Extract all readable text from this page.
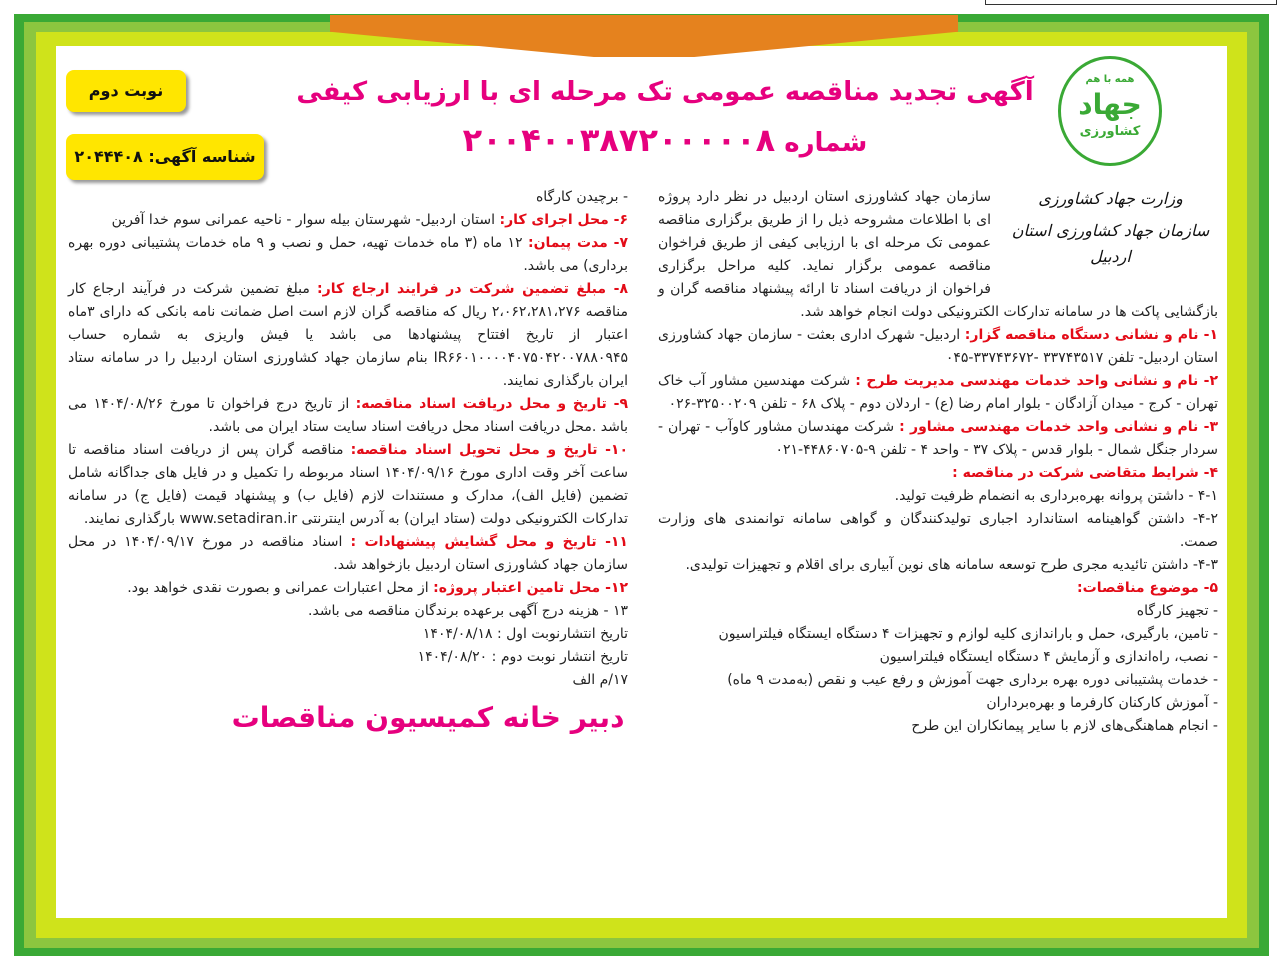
همه با هم
جهاد
کشاورزی
آگهی تجدید مناقصه عمومی تک مرحله ای با ارزیابی کیفی
شماره ۲۰۰۴۰۰۳۸۷۲۰۰۰۰۰۸
نوبت دوم
شناسه آگهی: ۲۰۴۴۴۰۸
وزارت جهاد کشاورزی
سازمان جهاد کشاورزی استان اردبیل

سازمان جهاد کشاورزی استان اردبیل در نظر دارد پروژه ای با اطلاعات مشروحه ذیل را از طریق برگزاری مناقصه عمومی تک مرحله ای با ارزیابی کیفی از طریق فراخوان مناقصه عمومی برگزار نماید. کلیه مراحل برگزاری فراخوان از دریافت اسناد تا ارائه پیشنهاد مناقصه گران و بازگشایی پاکت ها در سامانه تدارکات الکترونیکی دولت انجام خواهد شد.

۱- نام و نشانی دستگاه مناقصه گزار: اردبیل- شهرک اداری بعثت - سازمان جهاد کشاورزی استان اردبیل- تلفن ۳۳۷۴۳۵۱۷ -۳۳۷۴۳۶۷۲-۰۴۵

۲- نام و نشانی واحد خدمات مهندسی مدیریت طرح : شرکت مهندسین مشاور آب خاک تهران - کرج - میدان آزادگان - بلوار امام رضا (ع) - اردلان دوم - پلاک ۶۸ - تلفن ۳۲۵۰۰۲۰۹-۰۲۶

۳- نام و نشانی واحد خدمات مهندسی مشاور : شرکت مهندسان مشاور کاوآب - تهران - سردار جنگل شمال - بلوار قدس - پلاک ۳۷ - واحد ۴ - تلفن ۹-۴۴۸۶۰۷۰۵-۰۲۱

۴- شرایط متقاضی شرکت در مناقصه :

۴-۱ - داشتن پروانه بهره‌برداری به انضمام ظرفیت تولید.

۴-۲- داشتن گواهینامه استاندارد اجباری تولیدکنندگان و گواهی سامانه توانمندی های وزارت صمت.

۴-۳- داشتن تائیدیه مجری طرح توسعه سامانه های نوین آبیاری برای اقلام و تجهیزات تولیدی.

۵- موضوع مناقصات:

- تجهیز کارگاه

- تامین، بارگیری، حمل و باراندازی کلیه لوازم و تجهیزات ۴ دستگاه ایستگاه فیلتراسیون

- نصب، راه‌اندازی و آزمایش ۴ دستگاه ایستگاه فیلتراسیون

- خدمات پشتیبانی دوره بهره برداری جهت آموزش و رفع عیب و نقص (به‌مدت ۹ ماه)

- آموزش کارکنان کارفرما و بهره‌برداران

- انجام هماهنگی‌های لازم با سایر پیمانکاران این طرح

- برچیدن کارگاه

۶- محل اجرای کار: استان اردبیل- شهرستان بیله سوار - ناحیه عمرانی سوم خدا آفرین

۷- مدت پیمان: ۱۲ ماه (۳ ماه خدمات تهیه، حمل و نصب و ۹ ماه خدمات پشتیبانی دوره بهره برداری) می باشد.

۸- مبلغ تضمین شرکت در فرایند ارجاع کار: مبلغ تضمین شرکت در فرآیند ارجاع کار مناقصه ۲،۰۶۲،۲۸۱،۲۷۶ ریال که مناقصه گران لازم است اصل ضمانت نامه بانکی که دارای ۳ماه اعتبار از تاریخ افتتاح پیشنهادها می باشد یا فیش واریزی به شماره حساب IR۶۶۰۱۰۰۰۰۴۰۷۵۰۴۲۰۰۷۸۸۰۹۴۵ بنام سازمان جهاد کشاورزی استان اردبیل را در سامانه ستاد ایران بارگذاری نمایند.

۹- تاریخ و محل دریافت اسناد مناقصه: از تاریخ درج فراخوان تا مورخ ۱۴۰۴/۰۸/۲۶ می باشد .محل دریافت اسناد محل دریافت اسناد سایت ستاد ایران می باشد.

۱۰- تاریخ و محل تحویل اسناد مناقصه: مناقصه گران پس از دریافت اسناد مناقصه تا ساعت آخر وقت اداری مورخ ۱۴۰۴/۰۹/۱۶ اسناد مربوطه را تکمیل و در فایل های جداگانه شامل تضمین (فایل الف)، مدارک و مستندات لازم (فایل ب) و پیشنهاد قیمت (فایل ج) در سامانه تدارکات الکترونیکی دولت (ستاد ایران) به آدرس اینترنتی www.setadiran.ir بارگذاری نمایند.

۱۱- تاریخ و محل گشایش پیشنهادات : اسناد مناقصه در مورخ ۱۴۰۴/۰۹/۱۷ در محل سازمان جهاد کشاورزی استان اردبیل بازخواهد شد.

۱۲- محل تامین اعتبار پروژه: از محل اعتبارات عمرانی و بصورت نقدی خواهد بود.

۱۳ - هزینه درج آگهی برعهده برندگان مناقصه می باشد.

تاریخ انتشارنوبت اول : ۱۴۰۴/۰۸/۱۸

تاریخ انتشار نوبت دوم : ۱۴۰۴/۰۸/۲۰

۱۷/م الف

دبیر خانه کمیسیون مناقصات
